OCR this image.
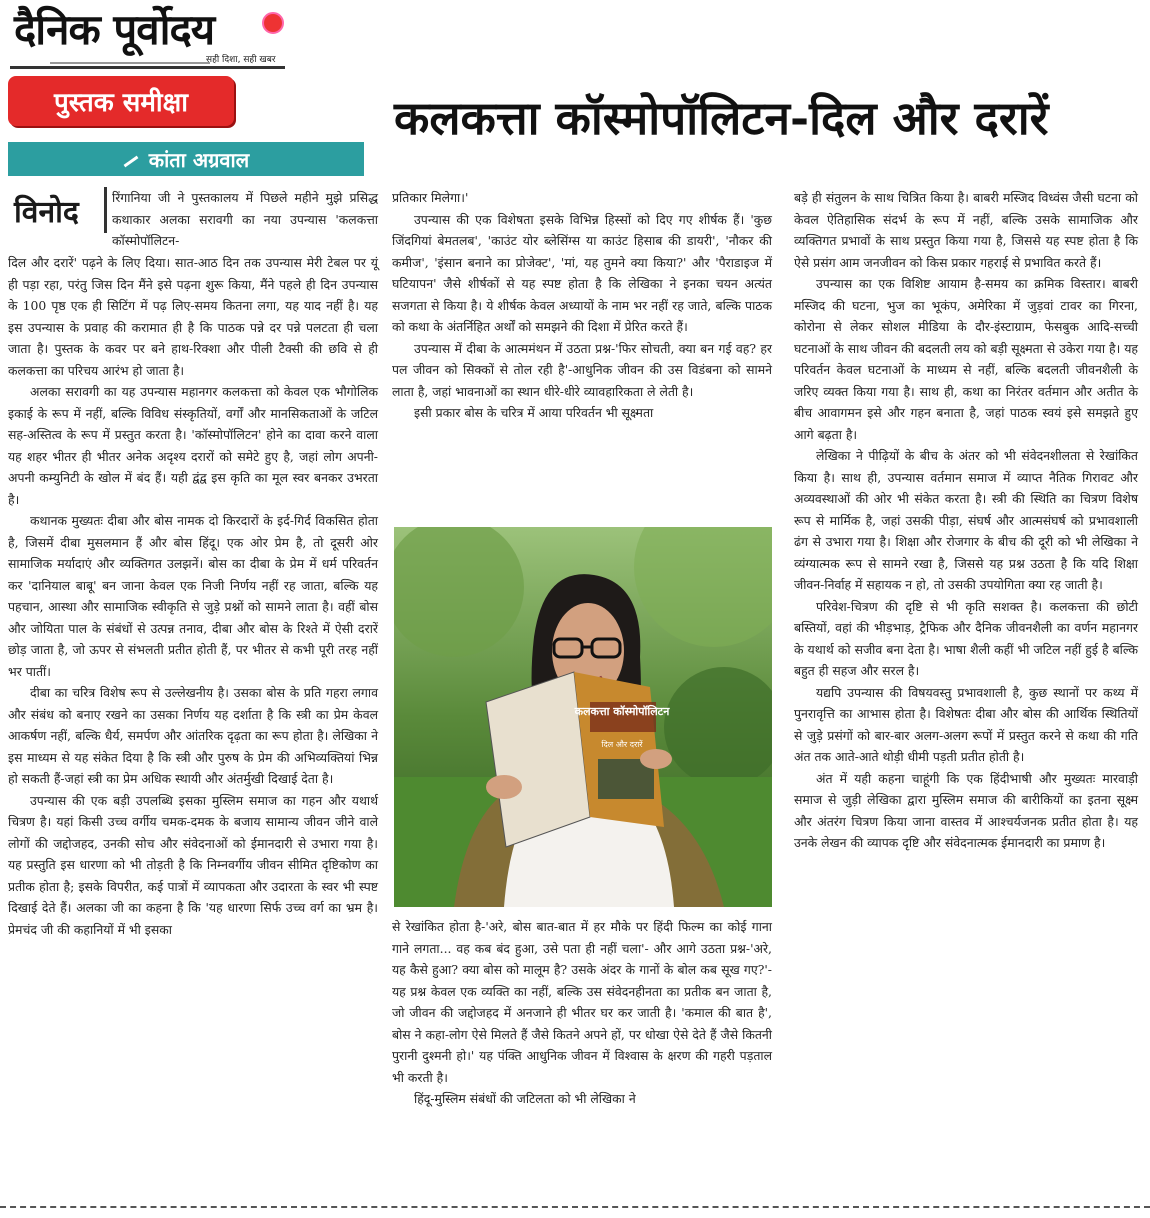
दैनिक पूर्वोदय
सही दिशा, सही खबर
पुस्तक समीक्षा	कलकत्ता कॉस्मोपॉलिटन-दिल और दरारें
कांता अग्रवाल
विनोद	रिंगानिया जी ने पुस्तकालय में पिछले महीने मुझे प्रसिद्ध कथाकार अलका सरावगी का नया उपन्यास 'कलकत्ता कॉस्मोपॉलिटन-

दिल और दरारें' पढ़ने के लिए दिया। सात-आठ दिन तक उपन्यास मेरी टेबल पर यूं ही पड़ा रहा, परंतु जिस दिन मैंने इसे पढ़ना शुरू किया, मैंने पहले ही दिन उपन्यास के 100 पृष्ठ एक ही सिटिंग में पढ़ लिए-समय कितना लगा, यह याद नहीं है। यह इस उपन्यास के प्रवाह की करामात ही है कि पाठक पन्ने दर पन्ने पलटता ही चला जाता है। पुस्तक के कवर पर बने हाथ-रिक्शा और पीली टैक्सी की छवि से ही कलकत्ता का परिचय आरंभ हो जाता है।

अलका सरावगी का यह उपन्यास महानगर कलकत्ता को केवल एक भौगोलिक इकाई के रूप में नहीं, बल्कि विविध संस्कृतियों, वर्गों और मानसिकताओं के जटिल सह-अस्तित्व के रूप में प्रस्तुत करता है। 'कॉस्मोपॉलिटन' होने का दावा करने वाला यह शहर भीतर ही भीतर अनेक अदृश्य दरारों को समेटे हुए है, जहां लोग अपनी-अपनी कम्युनिटी के खोल में बंद हैं। यही द्वंद्व इस कृति का मूल स्वर बनकर उभरता है।

कथानक मुख्यतः दीबा और बोस नामक दो किरदारों के इर्द-गिर्द विकसित होता है, जिसमें दीबा मुसलमान हैं और बोस हिंदू। एक ओर प्रेम है, तो दूसरी ओर सामाजिक मर्यादाएं और व्यक्तिगत उलझनें। बोस का दीबा के प्रेम में धर्म परिवर्तन कर 'दानियाल बाबू' बन जाना केवल एक निजी निर्णय नहीं रह जाता, बल्कि यह पहचान, आस्था और सामाजिक स्वीकृति से जुड़े प्रश्नों को सामने लाता है। वहीं बोस और जोयिता पाल के संबंधों से उत्पन्न तनाव, दीबा और बोस के रिश्ते में ऐसी दरारें छोड़ जाता है, जो ऊपर से संभलती प्रतीत होती हैं, पर भीतर से कभी पूरी तरह नहीं भर पातीं।

दीबा का चरित्र विशेष रूप से उल्लेखनीय है। उसका बोस के प्रति गहरा लगाव और संबंध को बनाए रखने का उसका निर्णय यह दर्शाता है कि स्त्री का प्रेम केवल आकर्षण नहीं, बल्कि धैर्य, समर्पण और आंतरिक दृढ़ता का रूप होता है। लेखिका ने इस माध्यम से यह संकेत दिया है कि स्त्री और पुरुष के प्रेम की अभिव्यक्तियां भिन्न हो सकती हैं-जहां स्त्री का प्रेम अधिक स्थायी और अंतर्मुखी दिखाई देता है।

उपन्यास की एक बड़ी उपलब्धि इसका मुस्लिम समाज का गहन और यथार्थ चित्रण है। यहां किसी उच्च वर्गीय चमक-दमक के बजाय सामान्य जीवन जीने वाले लोगों की जद्दोजहद, उनकी सोच और संवेदनाओं को ईमानदारी से उभारा गया है। यह प्रस्तुति इस धारणा को भी तोड़ती है कि निम्नवर्गीय जीवन सीमित दृष्टिकोण का प्रतीक होता है; इसके विपरीत, कई पात्रों में व्यापकता और उदारता के स्वर भी स्पष्ट दिखाई देते हैं। अलका जी का कहना है कि 'यह धारणा सिर्फ उच्च वर्ग का भ्रम है। प्रेमचंद जी की कहानियों में भी इसका

प्रतिकार मिलेगा।'

उपन्यास की एक विशेषता इसके विभिन्न हिस्सों को दिए गए शीर्षक हैं। 'कुछ जिंदगियां बेमतलब', 'काउंट योर ब्लेसिंग्स या काउंट हिसाब की डायरी', 'नौकर की कमीज', 'इंसान बनाने का प्रोजेक्ट', 'मां, यह तुमने क्या किया?' और 'पैराडाइज में घटियापन' जैसे शीर्षकों से यह स्पष्ट होता है कि लेखिका ने इनका चयन अत्यंत सजगता से किया है। ये शीर्षक केवल अध्यायों के नाम भर नहीं रह जाते, बल्कि पाठक को कथा के अंतर्निहित अर्थों को समझने की दिशा में प्रेरित करते हैं।

उपन्यास में दीबा के आत्ममंथन में उठता प्रश्न-'फिर सोचती, क्या बन गई वह? हर पल जीवन को सिक्कों से तोल रही है'-आधुनिक जीवन की उस विडंबना को सामने लाता है, जहां भावनाओं का स्थान धीरे-धीरे व्यावहारिकता ले लेती है।

इसी प्रकार बोस के चरित्र में आया परिवर्तन भी सूक्ष्मता

कलकत्ता कॉस्मोपॉलिटन
दिल और दरारें

से रेखांकित होता है-'अरे, बोस बात-बात में हर मौके पर हिंदी फिल्म का कोई गाना गाने लगता... वह कब बंद हुआ, उसे पता ही नहीं चला'- और आगे उठता प्रश्न-'अरे, यह कैसे हुआ? क्या बोस को मालूम है? उसके अंदर के गानों के बोल कब सूख गए?'-यह प्रश्न केवल एक व्यक्ति का नहीं, बल्कि उस संवेदनहीनता का प्रतीक बन जाता है, जो जीवन की जद्दोजहद में अनजाने ही भीतर घर कर जाती है। 'कमाल की बात है', बोस ने कहा-लोग ऐसे मिलते हैं जैसे कितने अपने हों, पर धोखा ऐसे देते हैं जैसे कितनी पुरानी दुश्मनी हो।' यह पंक्ति आधुनिक जीवन में विश्वास के क्षरण की गहरी पड़ताल भी करती है।

हिंदू-मुस्लिम संबंधों की जटिलता को भी लेखिका ने

बड़े ही संतुलन के साथ चित्रित किया है। बाबरी मस्जिद विध्वंस जैसी घटना को केवल ऐतिहासिक संदर्भ के रूप में नहीं, बल्कि उसके सामाजिक और व्यक्तिगत प्रभावों के साथ प्रस्तुत किया गया है, जिससे यह स्पष्ट होता है कि ऐसे प्रसंग आम जनजीवन को किस प्रकार गहराई से प्रभावित करते हैं।

उपन्यास का एक विशिष्ट आयाम है-समय का क्रमिक विस्तार। बाबरी मस्जिद की घटना, भुज का भूकंप, अमेरिका में जुड़वां टावर का गिरना, कोरोना से लेकर सोशल मीडिया के दौर-इंस्टाग्राम, फेसबुक आदि-सच्ची घटनाओं के साथ जीवन की बदलती लय को बड़ी सूक्ष्मता से उकेरा गया है। यह परिवर्तन केवल घटनाओं के माध्यम से नहीं, बल्कि बदलती जीवनशैली के जरिए व्यक्त किया गया है। साथ ही, कथा का निरंतर वर्तमान और अतीत के बीच आवागमन इसे और गहन बनाता है, जहां पाठक स्वयं इसे समझते हुए आगे बढ़ता है।

लेखिका ने पीढ़ियों के बीच के अंतर को भी संवेदनशीलता से रेखांकित किया है। साथ ही, उपन्यास वर्तमान समाज में व्याप्त नैतिक गिरावट और अव्यवस्थाओं की ओर भी संकेत करता है। स्त्री की स्थिति का चित्रण विशेष रूप से मार्मिक है, जहां उसकी पीड़ा, संघर्ष और आत्मसंघर्ष को प्रभावशाली ढंग से उभारा गया है। शिक्षा और रोजगार के बीच की दूरी को भी लेखिका ने व्यंग्यात्मक रूप से सामने रखा है, जिससे यह प्रश्न उठता है कि यदि शिक्षा जीवन-निर्वाह में सहायक न हो, तो उसकी उपयोगिता क्या रह जाती है।

परिवेश-चित्रण की दृष्टि से भी कृति सशक्त है। कलकत्ता की छोटी बस्तियों, वहां की भीड़भाड़, ट्रैफिक और दैनिक जीवनशैली का वर्णन महानगर के यथार्थ को सजीव बना देता है। भाषा शैली कहीं भी जटिल नहीं हुई है बल्कि बहुत ही सहज और सरल है।

यद्यपि उपन्यास की विषयवस्तु प्रभावशाली है, कुछ स्थानों पर कथ्य में पुनरावृत्ति का आभास होता है। विशेषतः दीबा और बोस की आर्थिक स्थितियों से जुड़े प्रसंगों को बार-बार अलग-अलग रूपों में प्रस्तुत करने से कथा की गति अंत तक आते-आते थोड़ी धीमी पड़ती प्रतीत होती है।

अंत में यही कहना चाहूंगी कि एक हिंदीभाषी और मुख्यतः मारवाड़ी समाज से जुड़ी लेखिका द्वारा मुस्लिम समाज की बारीकियों का इतना सूक्ष्म और अंतरंग चित्रण किया जाना वास्तव में आश्चर्यजनक प्रतीत होता है। यह उनके लेखन की व्यापक दृष्टि और संवेदनात्मक ईमानदारी का प्रमाण है।
